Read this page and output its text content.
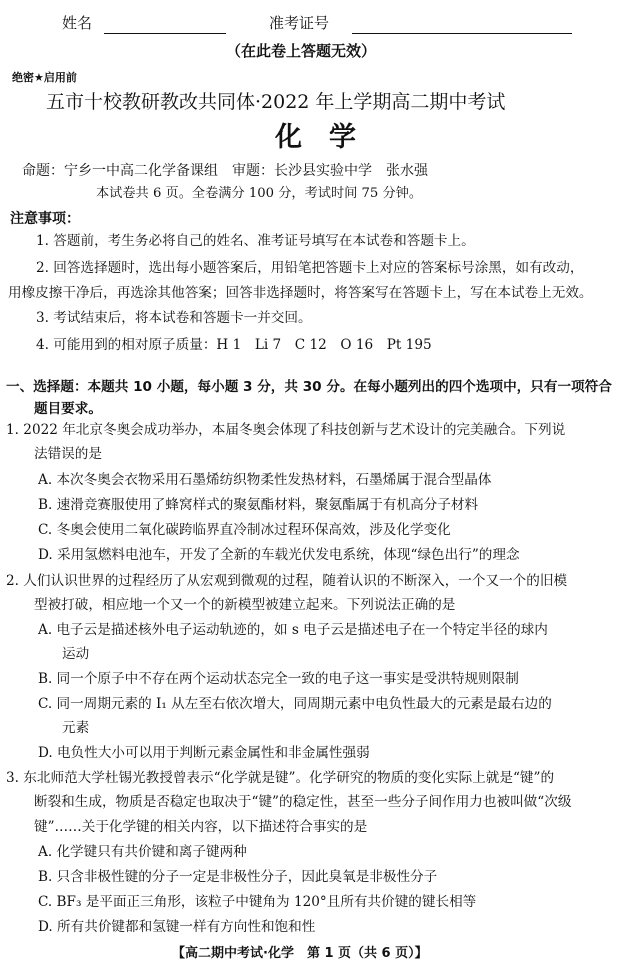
姓名	准考证号
（在此卷上答题无效）
绝密★启用前
五市十校教研教改共同体·2022 年上学期高二期中考试
化　学
命题：宁乡一中高二化学备课组　审题：长沙县实验中学　张水强
本试卷共 6 页。全卷满分 100 分，考试时间 75 分钟。
注意事项：
1. 答题前，考生务必将自己的姓名、准考证号填写在本试卷和答题卡上。
2. 回答选择题时，选出每小题答案后，用铅笔把答题卡上对应的答案标号涂黑，如有改动，
用橡皮擦干净后，再选涂其他答案；回答非选择题时，将答案写在答题卡上，写在本试卷上无效。
3. 考试结束后，将本试卷和答题卡一并交回。
4. 可能用到的相对原子质量：H 1　Li 7　C 12　O 16　Pt 195
一、选择题：本题共 10 小题，每小题 3 分，共 30 分。在每小题列出的四个选项中，只有一项符合
题目要求。
1. 2022 年北京冬奥会成功举办，本届冬奥会体现了科技创新与艺术设计的完美融合。下列说
法错误的是
A. 本次冬奥会衣物采用石墨烯纺织物柔性发热材料，石墨烯属于混合型晶体
B. 速滑竞赛服使用了蜂窝样式的聚氨酯材料，聚氨酯属于有机高分子材料
C. 冬奥会使用二氧化碳跨临界直冷制冰过程环保高效，涉及化学变化
D. 采用氢燃料电池车，开发了全新的车载光伏发电系统，体现“绿色出行”的理念
2. 人们认识世界的过程经历了从宏观到微观的过程，随着认识的不断深入，一个又一个的旧模
型被打破，相应地一个又一个的新模型被建立起来。下列说法正确的是
A. 电子云是描述核外电子运动轨迹的，如 s 电子云是描述电子在一个特定半径的球内
运动
B. 同一个原子中不存在两个运动状态完全一致的电子这一事实是受洪特规则限制
C. 同一周期元素的 I₁ 从左至右依次增大，同周期元素中电负性最大的元素是最右边的
元素
D. 电负性大小可以用于判断元素金属性和非金属性强弱
3. 东北师范大学杜锡光教授曾表示“化学就是键”。化学研究的物质的变化实际上就是“键”的
断裂和生成，物质是否稳定也取决于“键”的稳定性，甚至一些分子间作用力也被叫做“次级
键”……关于化学键的相关内容，以下描述符合事实的是
A. 化学键只有共价键和离子键两种
B. 只含非极性键的分子一定是非极性分子，因此臭氧是非极性分子
C. BF₃ 是平面正三角形，该粒子中键角为 120°且所有共价键的键长相等
D. 所有共价键都和氢键一样有方向性和饱和性
【高二期中考试·化学　第 1 页（共 6 页）】
